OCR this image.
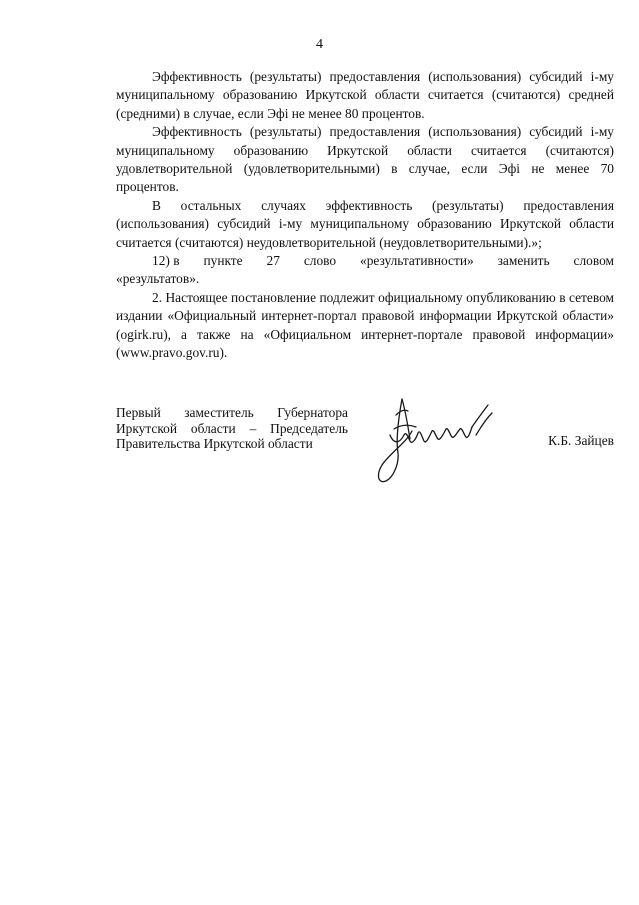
4

Эффективность (результаты) предоставления (использования) субсидий i-му муниципальному образованию Иркутской области считается (считаются) средней (средними) в случае, если Эфi не менее 80 процентов.

Эффективность (результаты) предоставления (использования) субсидий i-му муниципальному образованию Иркутской области считается (считаются) удовлетворительной (удовлетворительными) в случае, если Эфi не менее 70 процентов.

В остальных случаях эффективность (результаты) предоставления (использования) субсидий i-му муниципальному образованию Иркутской области считается (считаются) неудовлетворительной (неудовлетворительными).»;

12) в пункте 27 слово «результативности» заменить словом
«результатов».

2. Настоящее постановление подлежит официальному опубликованию в сетевом издании «Официальный интернет-портал правовой информации Иркутской области» (ogirk.ru), а также на «Официальном интернет-портале правовой информации» (www.pravo.gov.ru).

Первый заместитель Губернатора
Иркутской области – Председатель
Правительства Иркутской области	К.Б. Зайцев
